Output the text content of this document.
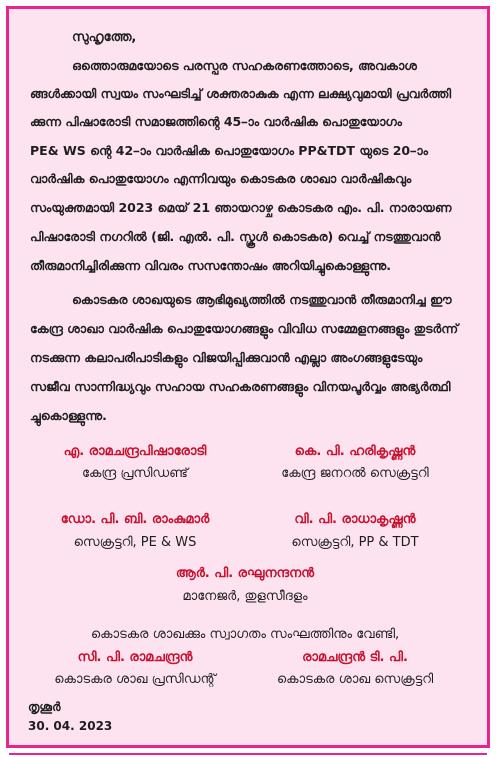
സുഹൃത്തേ,
ഒത്തൊരുമയോടെ പരസ്പര സഹകരണത്തോടെ, അവകാശ
ങ്ങൾക്കായി സ്വയം സംഘടിച്ച് ശക്തരാകുക എന്ന ലക്ഷ്യവുമായി പ്രവർത്തി
ക്കുന്ന പിഷാരോടി സമാജത്തിന്റെ 45–ാം വാർഷിക പൊതുയോഗം
PE& WS ന്റെ 42–ാം വാർഷിക പൊതുയോഗം PP&TDT യുടെ 20–ാം
വാർഷിക പൊതുയോഗം എന്നിവയും കൊടകര ശാഖാ വാർഷികവും
സംയുക്തമായി 2023 മെയ് 21 ഞായറാഴ്ച കൊടകര എം. പി. നാരായണ
പിഷാരോടി നഗറിൽ (ജി. എൽ. പി. സ്കൂൾ കൊടകര) വെച്ച് നടത്തുവാൻ
തീരുമാനിച്ചിരിക്കുന്ന വിവരം സസന്തോഷം അറിയിച്ചുകൊള്ളുന്നു.
കൊടകര ശാഖയുടെ ആഭിമുഖ്യത്തിൽ നടത്തുവാൻ തീരുമാനിച്ച ഈ
കേന്ദ്ര ശാഖാ വാർഷിക പൊതുയോഗങ്ങളും വിവിധ സമ്മേളനങ്ങളും തുടർന്ന്
നടക്കുന്ന കലാപരിപാടികളും വിജയിപ്പിക്കുവാൻ എല്ലാ അംഗങ്ങളുടേയും
സജീവ സാന്നിദ്ധ്യവും സഹായ സഹകരണങ്ങളും വിനയപൂർവ്വം അഭ്യർത്ഥി
ച്ചുകൊള്ളുന്നു.
എ. രാമചന്ദ്രപിഷാരോടി
കേന്ദ്ര പ്രസിഡണ്ട്
കെ. പി. ഹരികൃഷ്ണൻ
കേന്ദ്ര ജനറൽ സെക്രട്ടറി
ഡോ. പി. ബി. രാംകുമാർ
സെക്രട്ടറി, PE & WS
വി. പി. രാധാകൃഷ്ണൻ
സെക്രട്ടറി, PP & TDT
ആർ. പി. രഘുനന്ദനൻ
മാനേജർ, തുളസീദളം
കൊടകര ശാഖക്കും സ്വാഗതം സംഘത്തിനും വേണ്ടി,
സി. പി. രാമചന്ദ്രൻ
കൊടകര ശാഖ പ്രസിഡന്റ്
രാമചന്ദ്രൻ ടി. പി.
കൊടകര ശാഖ സെക്രട്ടറി
തൃശൂർ
30. 04. 2023
